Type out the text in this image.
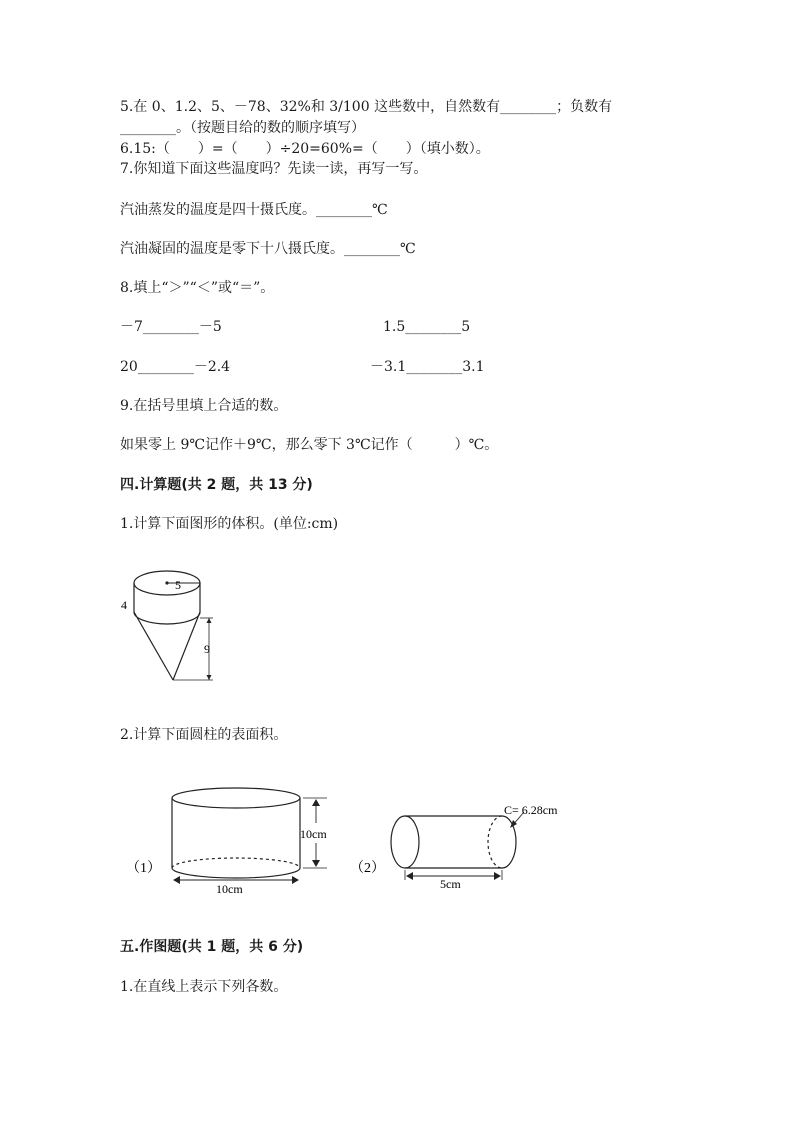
5.在 0、1.2、5、－78、32%和 3/100 这些数中，自然数有________；负数有
________。（按题目给的数的顺序填写）
6.15:（　　）=（　　）÷20=60%=（　　）（填小数）。
7.你知道下面这些温度吗？先读一读，再写一写。
汽油蒸发的温度是四十摄氏度。________℃
汽油凝固的温度是零下十八摄氏度。________℃
8.填上“＞”“＜”或“＝”。
－7________－5	1.5________5
20________－2.4	－3.1________3.1
9.在括号里填上合适的数。
如果零上 9℃记作＋9℃，那么零下 3℃记作（　　　）℃。
四.计算题(共 2 题，共 13 分)
1.计算下面图形的体积。(单位:cm)
5
4
9
2.计算下面圆柱的表面积。
（1）
10cm
10cm
（2）
C= 6.28cm
5cm
五.作图题(共 1 题，共 6 分)
1.在直线上表示下列各数。
